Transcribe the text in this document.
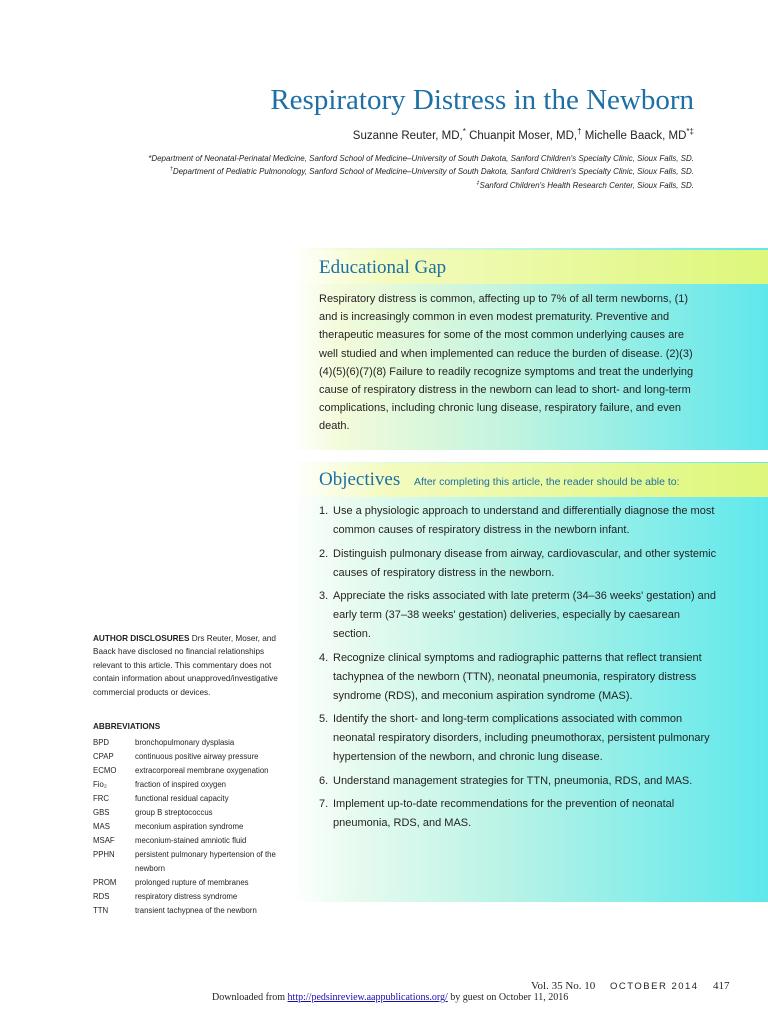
Respiratory Distress in the Newborn
Suzanne Reuter, MD,* Chuanpit Moser, MD,† Michelle Baack, MD*‡
*Department of Neonatal-Perinatal Medicine, Sanford School of Medicine–University of South Dakota, Sanford Children's Specialty Clinic, Sioux Falls, SD.
†Department of Pediatric Pulmonology, Sanford School of Medicine–University of South Dakota, Sanford Children's Specialty Clinic, Sioux Falls, SD.
‡Sanford Children's Health Research Center, Sioux Falls, SD.
Educational Gap

Respiratory distress is common, affecting up to 7% of all term newborns, (1) and is increasingly common in even modest prematurity. Preventive and therapeutic measures for some of the most common underlying causes are well studied and when implemented can reduce the burden of disease. (2)(3)(4)(5)(6)(7)(8) Failure to readily recognize symptoms and treat the underlying cause of respiratory distress in the newborn can lead to short- and long-term complications, including chronic lung disease, respiratory failure, and even death.

Objectives After completing this article, the reader should be able to:
1. Use a physiologic approach to understand and differentially diagnose the most common causes of respiratory distress in the newborn infant.
2. Distinguish pulmonary disease from airway, cardiovascular, and other systemic causes of respiratory distress in the newborn.
3. Appreciate the risks associated with late preterm (34–36 weeks' gestation) and early term (37–38 weeks' gestation) deliveries, especially by caesarean section.
4. Recognize clinical symptoms and radiographic patterns that reflect transient tachypnea of the newborn (TTN), neonatal pneumonia, respiratory distress syndrome (RDS), and meconium aspiration syndrome (MAS).
5. Identify the short- and long-term complications associated with common neonatal respiratory disorders, including pneumothorax, persistent pulmonary hypertension of the newborn, and chronic lung disease.
6. Understand management strategies for TTN, pneumonia, RDS, and MAS.
7. Implement up-to-date recommendations for the prevention of neonatal pneumonia, RDS, and MAS.

AUTHOR DISCLOSURES Drs Reuter, Moser, and Baack have disclosed no financial relationships relevant to this article. This commentary does not contain information about unapproved/investigative commercial products or devices.

ABBREVIATIONS
BPD	bronchopulmonary dysplasia
CPAP	continuous positive airway pressure
ECMO	extracorporeal membrane oxygenation
Fio₂	fraction of inspired oxygen
FRC	functional residual capacity
GBS	group B streptococcus
MAS	meconium aspiration syndrome
MSAF	meconium-stained amniotic fluid
PPHN	persistent pulmonary hypertension of the newborn
PROM	prolonged rupture of membranes
RDS	respiratory distress syndrome
TTN	transient tachypnea of the newborn
Vol. 35 No. 10 OCTOBER 2014 417
Downloaded from http://pedsinreview.aappublications.org/ by guest on October 11, 2016
